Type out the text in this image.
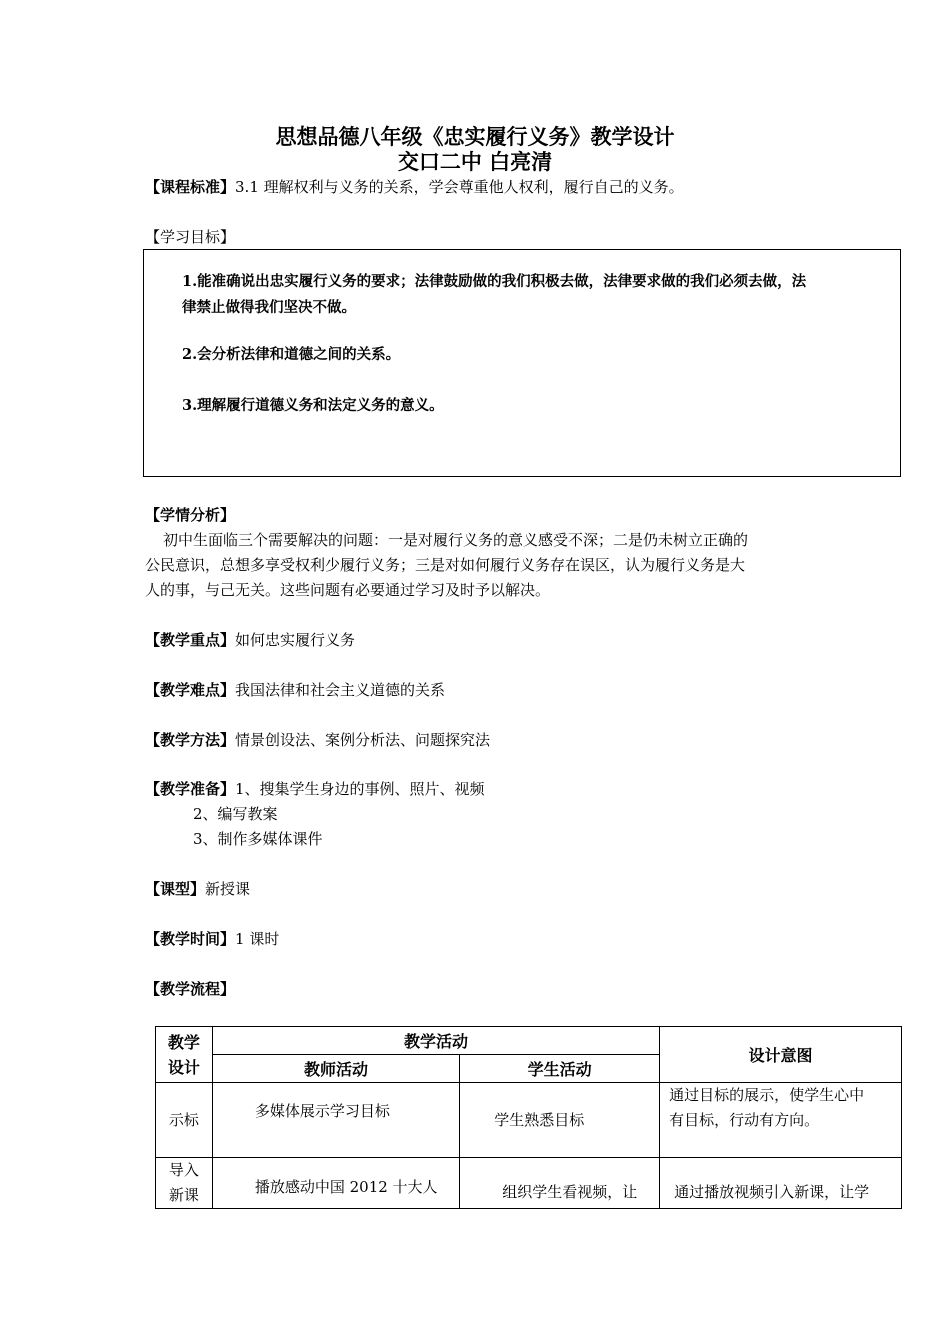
思想品德八年级《忠实履行义务》教学设计
交口二中 白亮清
【课程标准】3.1 理解权利与义务的关系，学会尊重他人权利，履行自己的义务。
【学习目标】
1.能准确说出忠实履行义务的要求；法律鼓励做的我们积极去做，法律要求做的我们必须去做，法
律禁止做得我们坚决不做。
2.会分析法律和道德之间的关系。
3.理解履行道德义务和法定义务的意义。
【学情分析】
初中生面临三个需要解决的问题：一是对履行义务的意义感受不深；二是仍未树立正确的
公民意识，总想多享受权利少履行义务；三是对如何履行义务存在误区，认为履行义务是大
人的事，与己无关。这些问题有必要通过学习及时予以解决。
【教学重点】如何忠实履行义务
【教学难点】我国法律和社会主义道德的关系
【教学方法】情景创设法、案例分析法、问题探究法
【教学准备】1、搜集学生身边的事例、照片、视频
2、编写教案
3、制作多媒体课件
【课型】新授课
【教学时间】1 课时
【教学流程】
教学
设计	教学活动		设计意图
	教师活动	学生活动	
示标	多媒体展示学习目标	学生熟悉目标	通过目标的展示，使学生心中
有目标，行动有方向。

导入
新课	播放感动中国 2012 十大人	组织学生看视频，让	通过播放视频引入新课，让学
